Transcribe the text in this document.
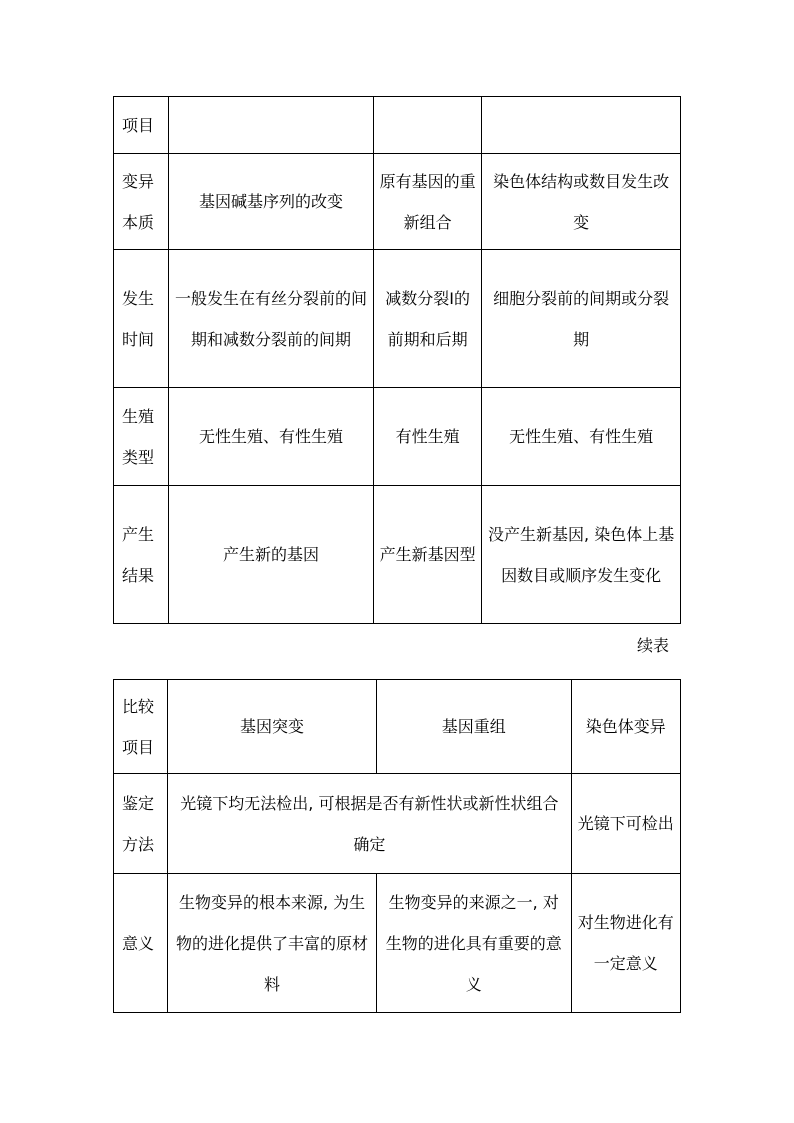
项目			
变异本质	基因碱基序列的改变	原有基因的重新组合	染色体结构或数目发生改变
发生时间	一般发生在有丝分裂前的间期和减数分裂前的间期	减数分裂Ⅰ的前期和后期	细胞分裂前的间期或分裂期
生殖类型	无性生殖、有性生殖	有性生殖	无性生殖、有性生殖
产生结果	产生新的基因	产生新基因型	没产生新基因, 染色体上基因数目或顺序发生变化
续表
比较项目	基因突变	基因重组	染色体变异
鉴定方法	光镜下均无法检出, 可根据是否有新性状或新性状组合确定		光镜下可检出
意义	生物变异的根本来源, 为生物的进化提供了丰富的原材料	生物变异的来源之一, 对生物的进化具有重要的意义	对生物进化有一定意义
